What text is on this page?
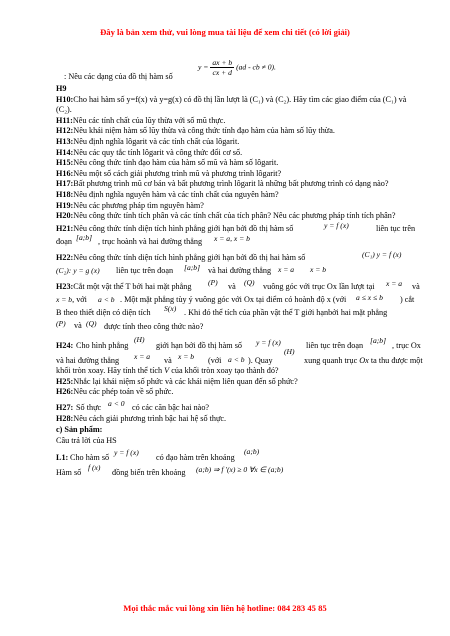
Đây là bản xem thử, vui lòng mua tài liệu để xem chi tiết (có lời giải)
: Nêu các dạng của đồ thị hàm số
$y = \frac{ax + b}{cx + d} (ad$ - cb ≠ 0).
H9
H10:Cho hai hàm số y=f(x) và y=g(x) có đồ thị lần lượt là (C₁) và (C₂). Hãy tìm các giao điểm của (C₁) và (C₂).
H11:Nêu các tính chất của lũy thừa với số mũ thực.
H12:Nêu khái niệm hàm số lũy thừa và công thức tính đạo hàm của hàm số lũy thừa.
H13:Nêu định nghĩa lôgarit và các tính chất của lôgarit.
H14:Nêu các quy tắc tính lôgarit và công thức đổi cơ số.
H15:Nêu công thức tính đạo hàm của hàm số mũ và hàm số lôgarit.
H16:Nêu một số cách giải phương trình mũ và phương trình lôgarit?
H17:Bất phương trình mũ cơ bản và bất phương trình lôgarit là những bất phương trình có dạng nào?
H18:Nêu định nghĩa nguyên hàm và các tính chất của nguyên hàm?
H19:Nêu các phương pháp tìm nguyên hàm?
H20:Nêu công thức tính tích phân và các tính chất của tích phân? Nêu các phương pháp tính tích phân?
H21:Nêu công thức tính diện tích hình phẳng giới hạn bởi đồ thị hàm số	y = f (x)	liên tục trên
đoạn [a;b] , trục hoành và hai đường thẳng x = a, x = b
H22:Nêu công thức tính diện tích hình phẳng giới hạn bởi đồ thị hai hàm số	(C₁) y = f (x)
(C₂): y = g (x) liên tục trên đoạn [a;b] và hai đường thẳng x = a x = b
H23:Cắt một vật thể T bởi hai mặt phẳng (P) và (Q) vuông góc với trục Ox lần lượt tại x = a và
x = b, với a < b . Một mặt phẳng tùy ý vuông góc với Ox tại điểm có hoành độ x (với a ≤ x ≤ b ) cắt
B theo thiết diện có diện tích S(x) . Khi đó thể tích của phần vật thể T giới hạnbởi hai mặt phẳng
(P) và (Q) được tính theo công thức nào?
H24: Cho hình phẳng
(H)
giới hạn bởi đồ thị hàm số y = f (x)	liên tục trên đoạn
[a;b]
, trục Ox
và hai đường thẳng x = a và x = b (với a < b ). Quay
(H)
xung quanh trục Ox ta thu được một
khối tròn xoay. Hãy tính thể tích V của khối tròn xoay tạo thành đó?
H25:Nhắc lại khái niệm số phức và các khái niệm liên quan đến số phức?
H26:Nêu các phép toán về số phức.
H27: Số thực a < 0 có các căn bậc hai nào?
H28:Nêu cách giải phương trình bậc hai hệ số thực.
c) Sản phẩm:
Câu trả lời của HS
L1: Cho hàm số
y = f (x)
có đạo hàm trên khoảng
(a;b)
Hàm số
f (x)
đồng biến trên khoảng (a;b) ⇒ f '(x) ≥ 0 ∀x ∈ (a;b)
Mọi thắc mắc vui lòng xin liên hệ hotline: 084 283 45 85
